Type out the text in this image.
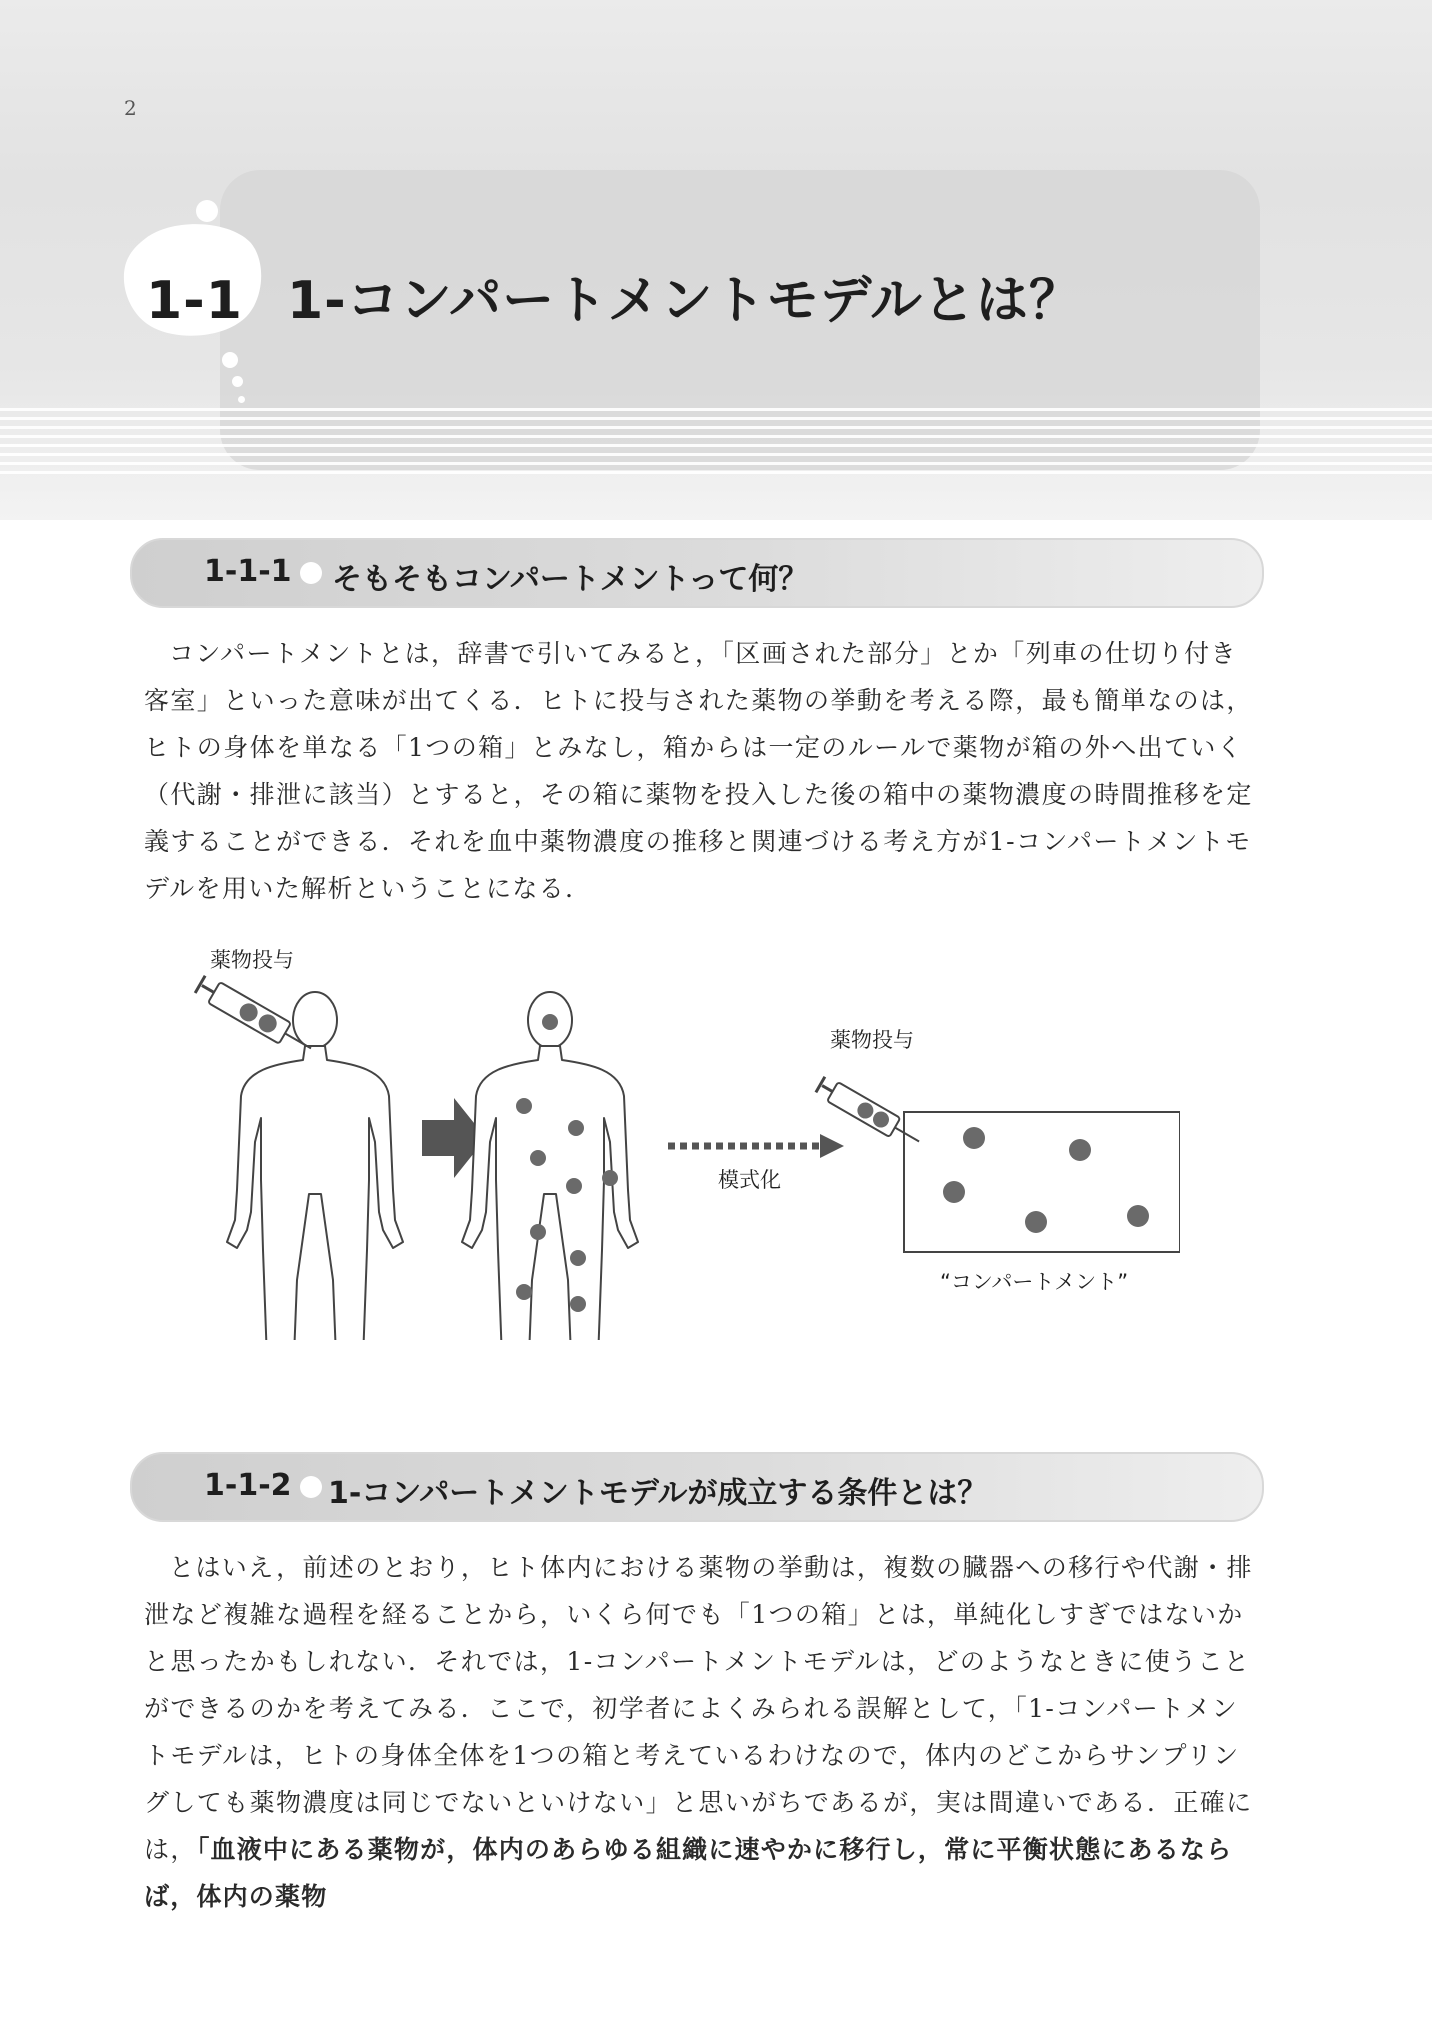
2
1-1 1-コンパートメントモデルとは？
1-1-1 そもそもコンパートメントって何？

コンパートメントとは，辞書で引いてみると，「区画された部分」とか「列車の仕切り付き客室」といった意味が出てくる．ヒトに投与された薬物の挙動を考える際，最も簡単なのは，ヒトの身体を単なる「1つの箱」とみなし，箱からは一定のルールで薬物が箱の外へ出ていく（代謝・排泄に該当）とすると，その箱に薬物を投入した後の箱中の薬物濃度の時間推移を定義することができる．それを血中薬物濃度の推移と関連づける考え方が1-コンパートメントモデルを用いた解析ということになる．

薬物投与
薬物投与
模式化
“コンパートメント”
1-1-2 1-コンパートメントモデルが成立する条件とは？

とはいえ，前述のとおり，ヒト体内における薬物の挙動は，複数の臓器への移行や代謝・排泄など複雑な過程を経ることから，いくら何でも「1つの箱」とは，単純化しすぎではないかと思ったかもしれない．それでは，1-コンパートメントモデルは，どのようなときに使うことができるのかを考えてみる．ここで，初学者によくみられる誤解として，「1-コンパートメントモデルは，ヒトの身体全体を1つの箱と考えているわけなので，体内のどこからサンプリングしても薬物濃度は同じでないといけない」と思いがちであるが，実は間違いである．正確には，「血液中にある薬物が，体内のあらゆる組織に速やかに移行し，常に平衡状態にあるならば，体内の薬物
